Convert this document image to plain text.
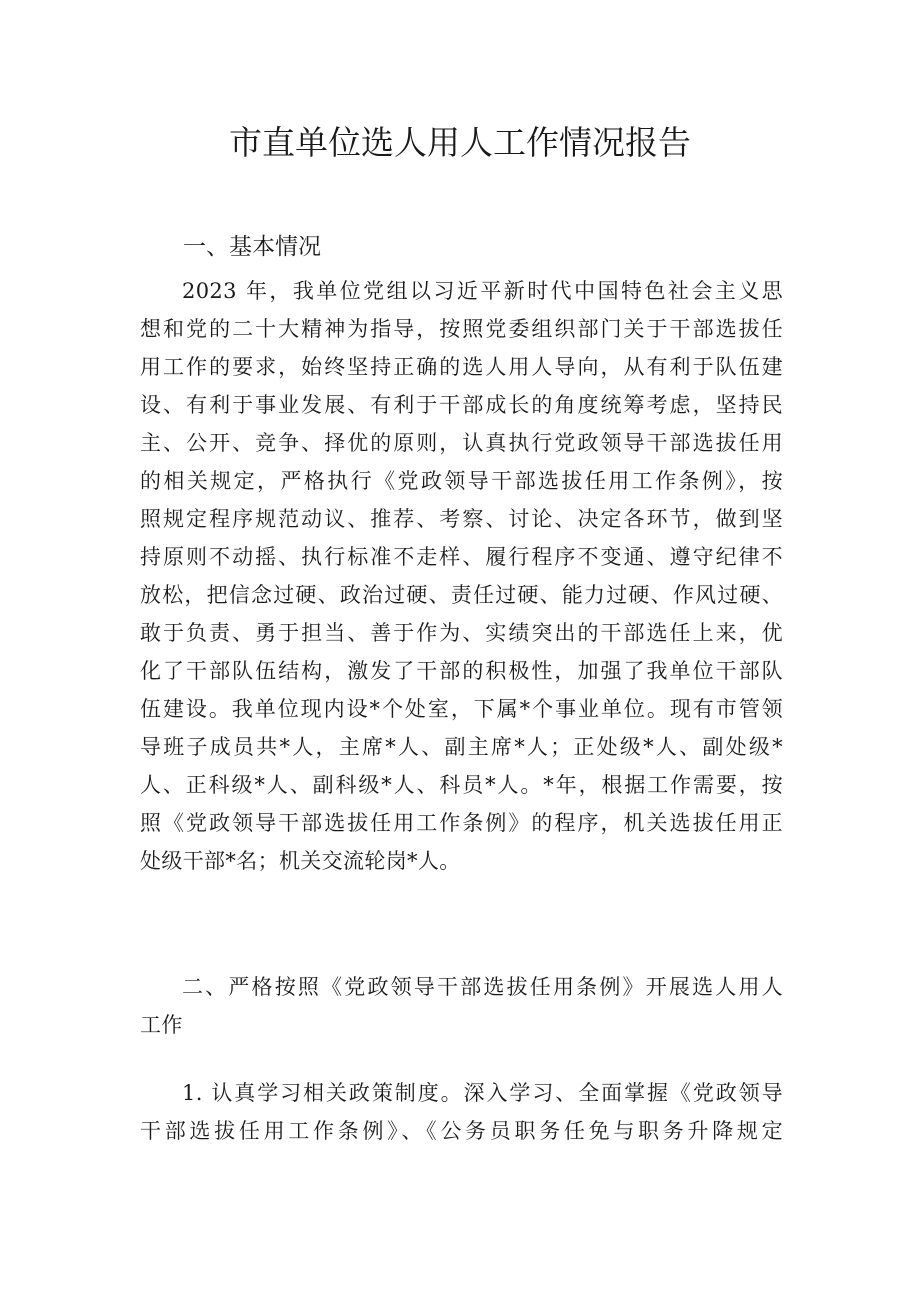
市直单位选人用人工作情况报告
一、基本情况
2023 年，我单位党组以习近平新时代中国特色社会主义思
想和党的二十大精神为指导，按照党委组织部门关于干部选拔任
用工作的要求，始终坚持正确的选人用人导向，从有利于队伍建
设、有利于事业发展、有利于干部成长的角度统筹考虑，坚持民
主、公开、竞争、择优的原则，认真执行党政领导干部选拔任用
的相关规定，严格执行《党政领导干部选拔任用工作条例》，按
照规定程序规范动议、推荐、考察、讨论、决定各环节，做到坚
持原则不动摇、执行标准不走样、履行程序不变通、遵守纪律不
放松，把信念过硬、政治过硬、责任过硬、能力过硬、作风过硬、
敢于负责、勇于担当、善于作为、实绩突出的干部选任上来，优
化了干部队伍结构，激发了干部的积极性，加强了我单位干部队
伍建设。我单位现内设*个处室，下属*个事业单位。现有市管领
导班子成员共*人，主席*人、副主席*人；正处级*人、副处级*
人、正科级*人、副科级*人、科员*人。*年，根据工作需要，按
照《党政领导干部选拔任用工作条例》的程序，机关选拔任用正
处级干部*名；机关交流轮岗*人。
二、严格按照《党政领导干部选拔任用条例》开展选人用人
工作
1. 认真学习相关政策制度。深入学习、全面掌握《党政领导
干部选拔任用工作条例》、《公务员职务任免与职务升降规定
